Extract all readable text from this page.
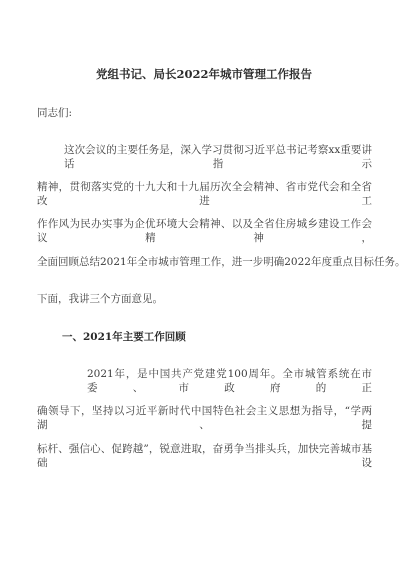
党组书记、局长2022年城市管理工作报告
同志们:
这次会议的主要任务是，深入学习贯彻习近平总书记考察xx重要讲话指示
精神，贯彻落实党的十九大和十九届历次全会精神、省市党代会和全省改进工
作作风为民办实事为企优环境大会精神、以及全省住房城乡建设工作会议精神，
全面回顾总结2021年全市城市管理工作，进一步明确2022年度重点目标任务。
下面，我讲三个方面意见。
一、2021年主要工作回顾
2021年，是中国共产党建党100周年。全市城管系统在市委、市政府的正
确领导下，坚持以习近平新时代中国特色社会主义思想为指导，“学两湖、提
标杆、强信心、促跨越”，锐意进取，奋勇争当排头兵，加快完善城市基础设
